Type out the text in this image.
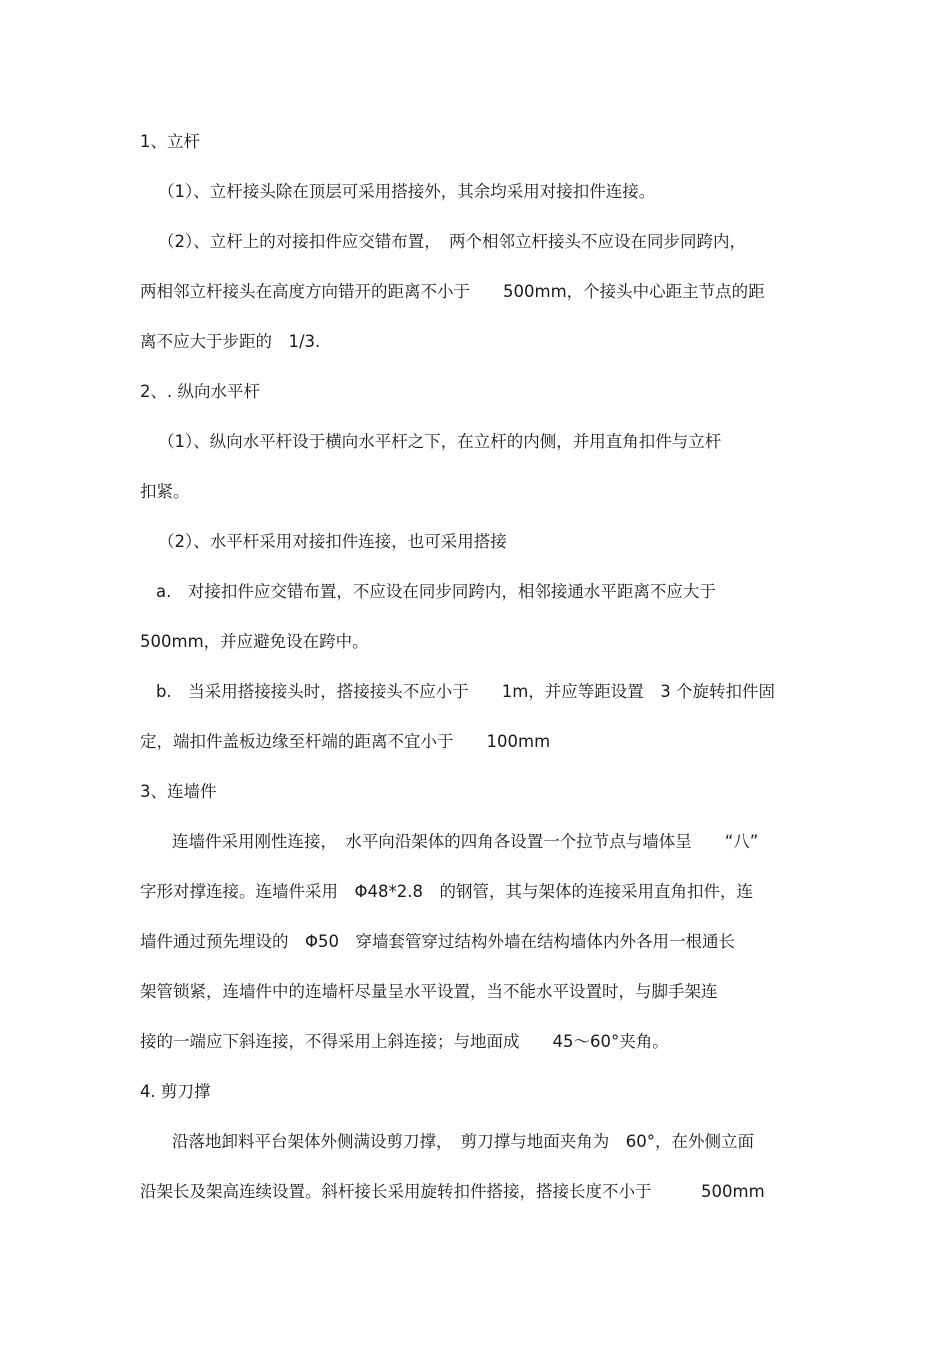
1、立杆
（1）、立杆接头除在顶层可采用搭接外，其余均采用对接扣件连接。
（2）、立杆上的对接扣件应交错布置，　两个相邻立杆接头不应设在同步同跨内，
两相邻立杆接头在高度方向错开的距离不小于　　500mm，个接头中心距主节点的距
离不应大于步距的　1/3.
2、. 纵向水平杆
（1）、纵向水平杆设于横向水平杆之下，在立杆的内侧，并用直角扣件与立杆
扣紧。
（2）、水平杆采用对接扣件连接，也可采用搭接
a.　对接扣件应交错布置，不应设在同步同跨内，相邻接通水平距离不应大于
500mm，并应避免设在跨中。
b.　当采用搭接接头时，搭接接头不应小于　　1m，并应等距设置　3 个旋转扣件固
定，端扣件盖板边缘至杆端的距离不宜小于　　100mm
3、连墙件
连墙件采用刚性连接，　水平向沿架体的四角各设置一个拉节点与墙体呈　　“八”
字形对撑连接。连墙件采用　Φ48*2.8　的钢管，其与架体的连接采用直角扣件，连
墙件通过预先埋设的　Φ50　穿墙套管穿过结构外墙在结构墙体内外各用一根通长
架管锁紧，连墙件中的连墙杆尽量呈水平设置，当不能水平设置时，与脚手架连
接的一端应下斜连接，不得采用上斜连接；与地面成　　45～60°夹角。
4. 剪刀撑
沿落地卸料平台架体外侧满设剪刀撑，　剪刀撑与地面夹角为　60°，在外侧立面
沿架长及架高连续设置。斜杆接长采用旋转扣件搭接，搭接长度不小于　　　500mm
